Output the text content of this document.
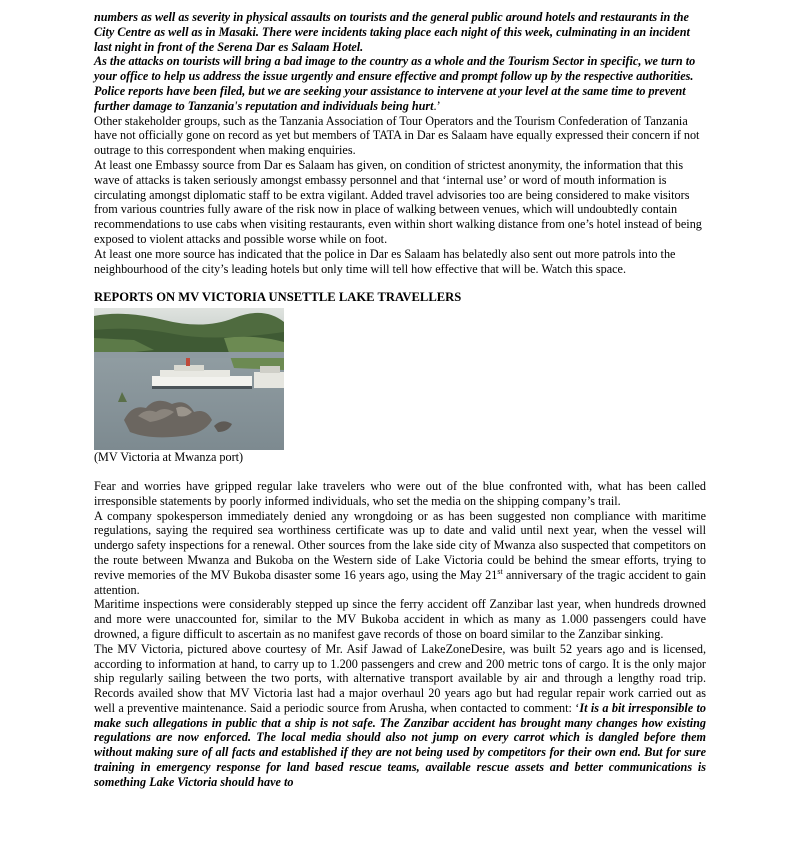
numbers as well as severity in physical assaults on tourists and the general public around hotels and restaurants in the City Centre as well as in Masaki. There were incidents taking place each night of this week, culminating in an incident last night in front of the Serena Dar es Salaam Hotel.

As the attacks on tourists will bring a bad image to the country as a whole and the Tourism Sector in specific, we turn to your office to help us address the issue urgently and ensure effective and prompt follow up by the respective authorities.

Police reports have been filed, but we are seeking your assistance to intervene at your level at the same time to prevent further damage to Tanzania's reputation and individuals being hurt.’

Other stakeholder groups, such as the Tanzania Association of Tour Operators and the Tourism Confederation of Tanzania have not officially gone on record as yet but members of TATA in Dar es Salaam have equally expressed their concern if not outrage to this correspondent when making enquiries.

At least one Embassy source from Dar es Salaam has given, on condition of strictest anonymity, the information that this wave of attacks is taken seriously amongst embassy personnel and that ‘internal use’ or word of mouth information is circulating amongst diplomatic staff to be extra vigilant. Added travel advisories too are being considered to make visitors from various countries fully aware of the risk now in place of walking between venues, which will undoubtedly contain recommendations to use cabs when visiting restaurants, even within short walking distance from one’s hotel instead of being exposed to violent attacks and possible worse while on foot.

At least one more source has indicated that the police in Dar es Salaam has belatedly also sent out more patrols into the neighbourhood of the city’s leading hotels but only time will tell how effective that will be. Watch this space.

REPORTS ON MV VICTORIA UNSETTLE LAKE TRAVELLERS

(MV Victoria at Mwanza port)

Fear and worries have gripped regular lake travelers who were out of the blue confronted with, what has been called irresponsible statements by poorly informed individuals, who set the media on the shipping company’s trail.

A company spokesperson immediately denied any wrongdoing or as has been suggested non compliance with maritime regulations, saying the required sea worthiness certificate was up to date and valid until next year, when the vessel will undergo safety inspections for a renewal. Other sources from the lake side city of Mwanza also suspected that competitors on the route between Mwanza and Bukoba on the Western side of Lake Victoria could be behind the smear efforts, trying to revive memories of the MV Bukoba disaster some 16 years ago, using the May 21st anniversary of the tragic accident to gain attention.

Maritime inspections were considerably stepped up since the ferry accident off Zanzibar last year, when hundreds drowned and more were unaccounted for, similar to the MV Bukoba accident in which as many as 1.000 passengers could have drowned, a figure difficult to ascertain as no manifest gave records of those on board similar to the Zanzibar sinking.

The MV Victoria, pictured above courtesy of Mr. Asif Jawad of LakeZoneDesire, was built 52 years ago and is licensed, according to information at hand, to carry up to 1.200 passengers and crew and 200 metric tons of cargo. It is the only major ship regularly sailing between the two ports, with alternative transport available by air and through a lengthy road trip. Records availed show that MV Victoria last had a major overhaul 20 years ago but had regular repair work carried out as well a preventive maintenance. Said a periodic source from Arusha, when contacted to comment: ‘It is a bit irresponsible to make such allegations in public that a ship is not safe. The Zanzibar accident has brought many changes how existing regulations are now enforced. The local media should also not jump on every carrot which is dangled before them without making sure of all facts and established if they are not being used by competitors for their own end. But for sure training in emergency response for land based rescue teams, available rescue assets and better communications is something Lake Victoria should have to
